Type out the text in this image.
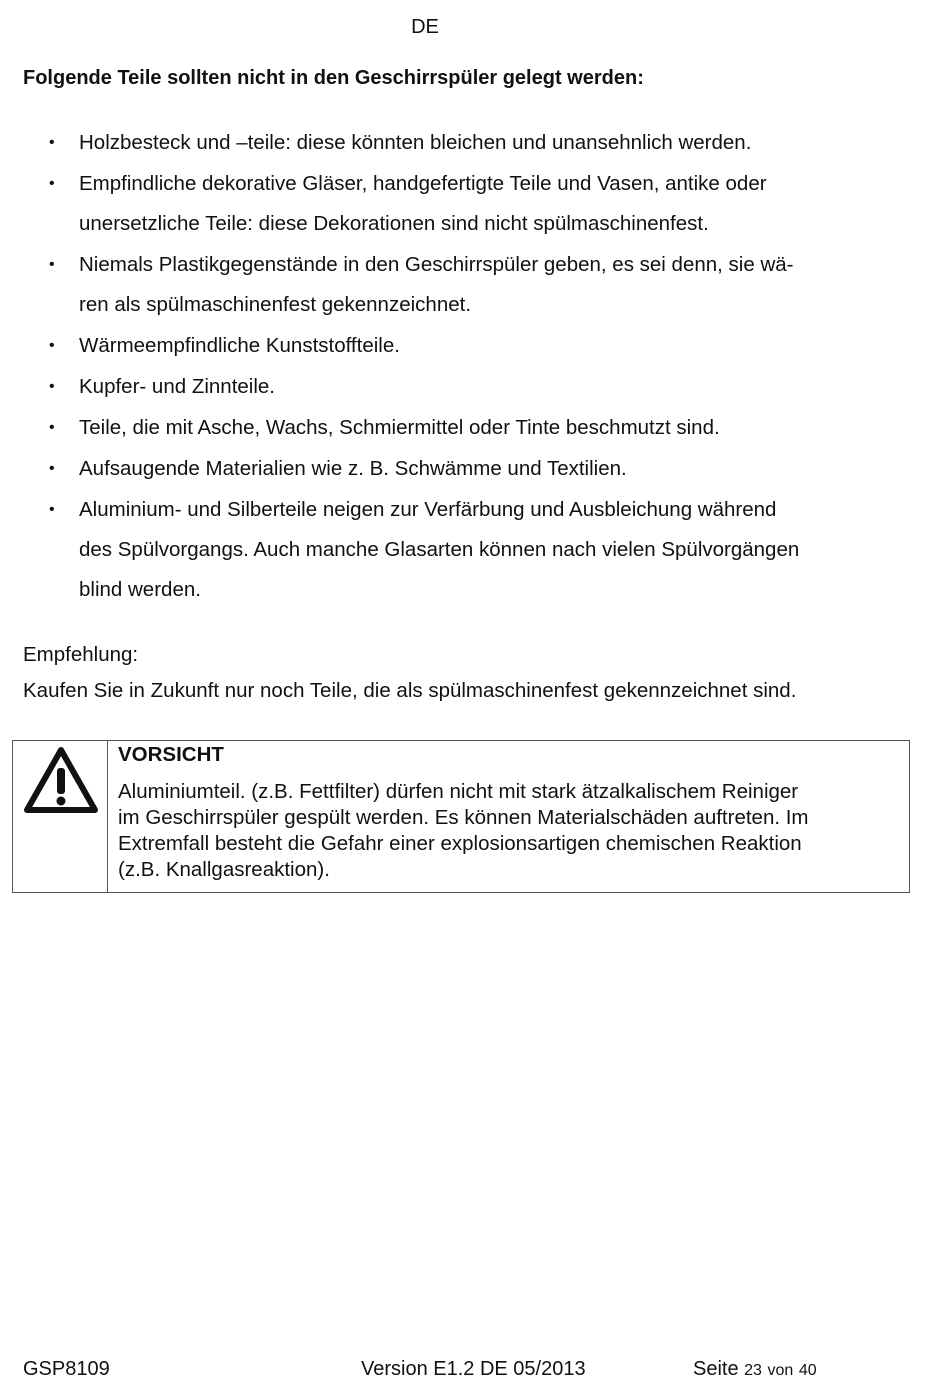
DE
Folgende Teile sollten nicht in den Geschirrspüler gelegt werden:
• Holzbesteck und –teile: diese könnten bleichen und unansehnlich werden.
• Empfindliche dekorative Gläser, handgefertigte Teile und Vasen, antike oder
unersetzliche Teile: diese Dekorationen sind nicht spülmaschinenfest.
• Niemals Plastikgegenstände in den Geschirrspüler geben, es sei denn, sie wä-
ren als spülmaschinenfest gekennzeichnet.
• Wärmeempfindliche Kunststoffteile.
• Kupfer- und Zinnteile.
• Teile, die mit Asche, Wachs, Schmiermittel oder Tinte beschmutzt sind.
• Aufsaugende Materialien wie z. B. Schwämme und Textilien.
• Aluminium- und Silberteile neigen zur Verfärbung und Ausbleichung während
des Spülvorgangs. Auch manche Glasarten können nach vielen Spülvorgängen
blind werden.
Empfehlung:
Kaufen Sie in Zukunft nur noch Teile, die als spülmaschinenfest gekennzeichnet sind.
VORSICHT
Aluminiumteil. (z.B. Fettfilter) dürfen nicht mit stark ätzalkalischem Reiniger
im Geschirrspüler gespült werden. Es können Materialschäden auftreten. Im
Extremfall besteht die Gefahr einer explosionsartigen chemischen Reaktion
(z.B. Knallgasreaktion).
GSP8109	Version E1.2 DE 05/2013	Seite 23 von 40
